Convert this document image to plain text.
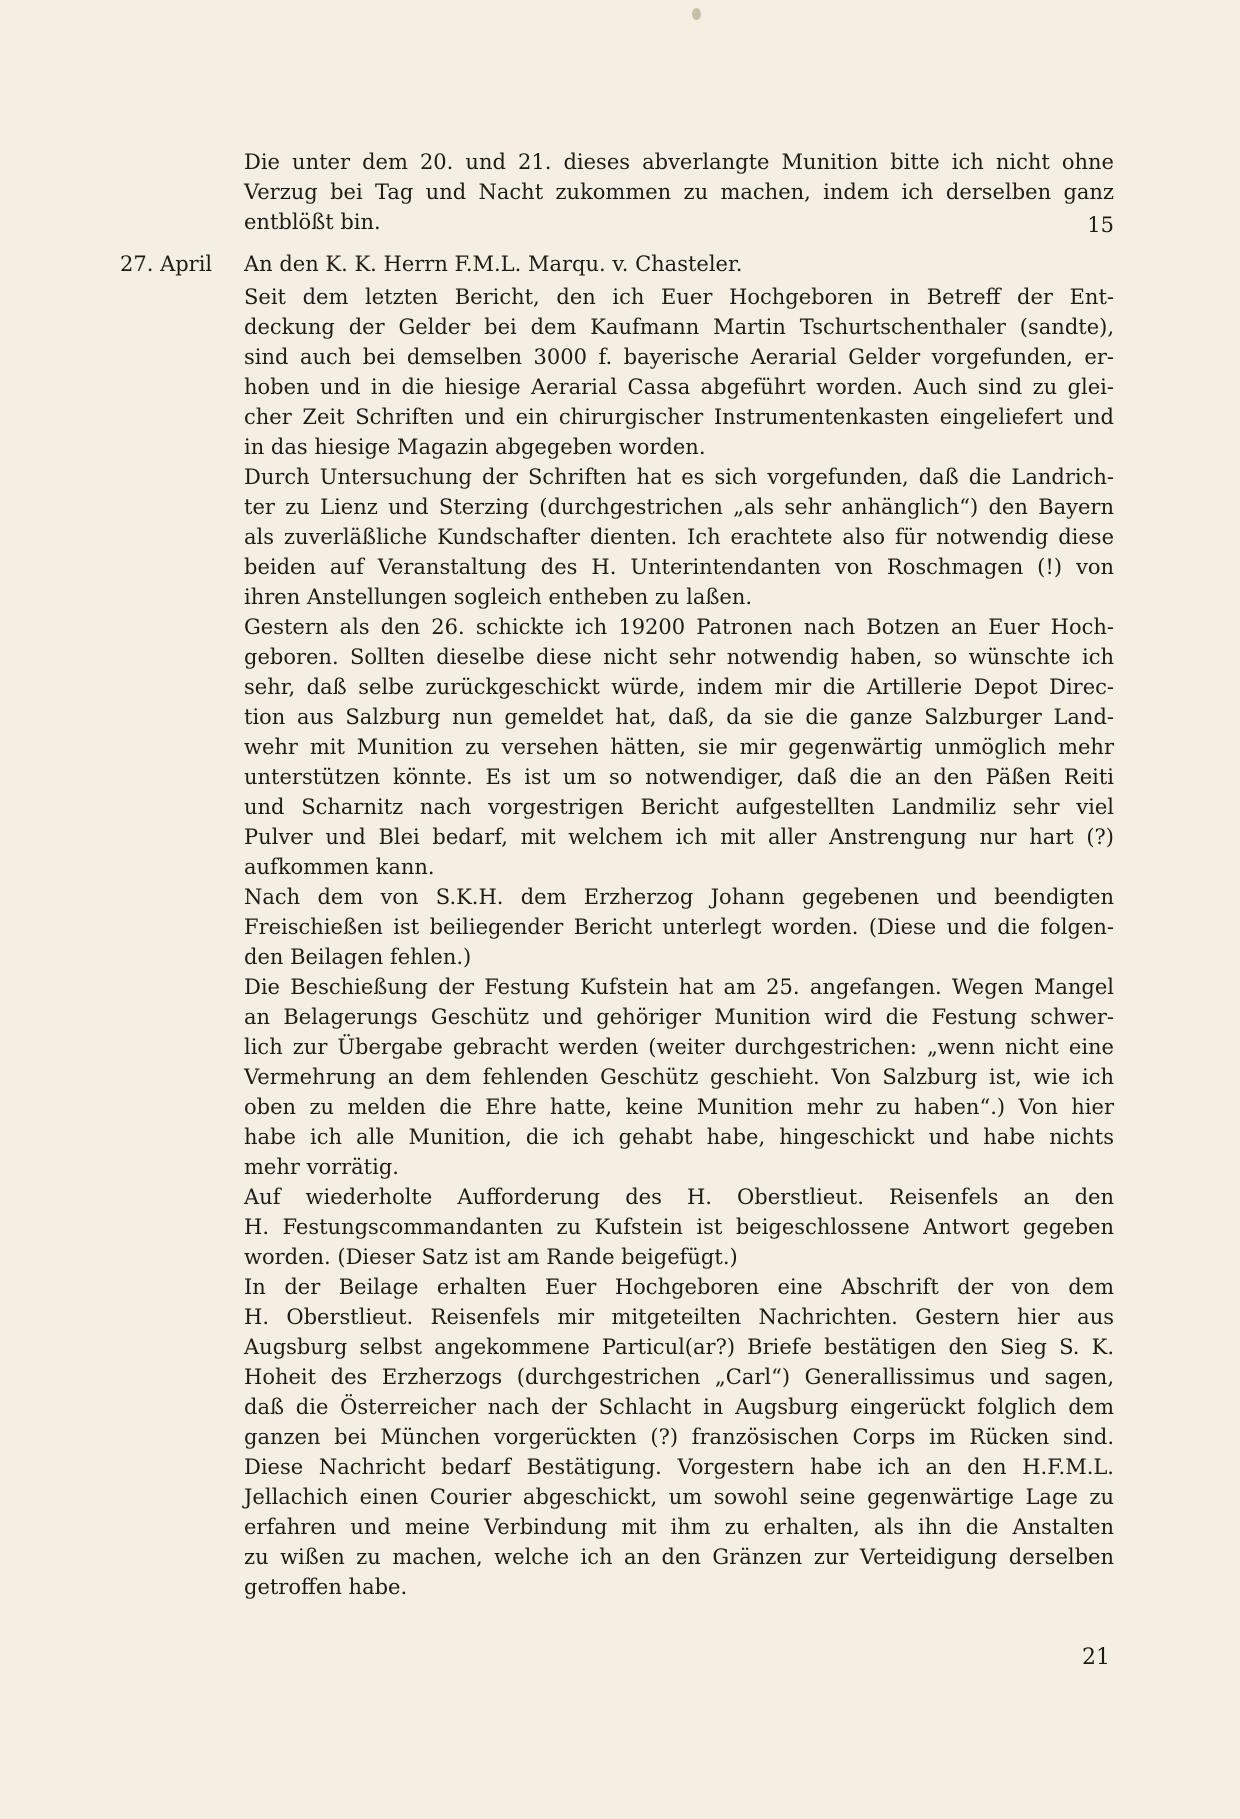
Die unter dem 20. und 21. dieses abverlangte Munition bitte ich nicht ohne
Verzug bei Tag und Nacht zukommen zu machen, indem ich derselben ganz
entblößt bin.	15
27. April An den K. K. Herrn F.M.L. Marqu. v. Chasteler.
Seit dem letzten Bericht, den ich Euer Hochgeboren in Betreff der Ent-
deckung der Gelder bei dem Kaufmann Martin Tschurtschenthaler (sandte),
sind auch bei demselben 3000 f. bayerische Aerarial Gelder vorgefunden, er-
hoben und in die hiesige Aerarial Cassa abgeführt worden. Auch sind zu glei-
cher Zeit Schriften und ein chirurgischer Instrumentenkasten eingeliefert und
in das hiesige Magazin abgegeben worden.
Durch Untersuchung der Schriften hat es sich vorgefunden, daß die Landrich-
ter zu Lienz und Sterzing (durchgestrichen „als sehr anhänglich“) den Bayern
als zuverläßliche Kundschafter dienten. Ich erachtete also für notwendig diese
beiden auf Veranstaltung des H. Unterintendanten von Roschmagen (!) von
ihren Anstellungen sogleich entheben zu laßen.
Gestern als den 26. schickte ich 19200 Patronen nach Botzen an Euer Hoch-
geboren. Sollten dieselbe diese nicht sehr notwendig haben, so wünschte ich
sehr, daß selbe zurückgeschickt würde, indem mir die Artillerie Depot Direc-
tion aus Salzburg nun gemeldet hat, daß, da sie die ganze Salzburger Land-
wehr mit Munition zu versehen hätten, sie mir gegenwärtig unmöglich mehr
unterstützen könnte. Es ist um so notwendiger, daß die an den Päßen Reiti
und Scharnitz nach vorgestrigen Bericht aufgestellten Landmiliz sehr viel
Pulver und Blei bedarf, mit welchem ich mit aller Anstrengung nur hart (?)
aufkommen kann.
Nach dem von S.K.H. dem Erzherzog Johann gegebenen und beendigten
Freischießen ist beiliegender Bericht unterlegt worden. (Diese und die folgen-
den Beilagen fehlen.)
Die Beschießung der Festung Kufstein hat am 25. angefangen. Wegen Mangel
an Belagerungs Geschütz und gehöriger Munition wird die Festung schwer-
lich zur Übergabe gebracht werden (weiter durchgestrichen: „wenn nicht eine
Vermehrung an dem fehlenden Geschütz geschieht. Von Salzburg ist, wie ich
oben zu melden die Ehre hatte, keine Munition mehr zu haben“.) Von hier
habe ich alle Munition, die ich gehabt habe, hingeschickt und habe nichts
mehr vorrätig.
Auf wiederholte Aufforderung des H. Oberstlieut. Reisenfels an den
H. Festungscommandanten zu Kufstein ist beigeschlossene Antwort gegeben
worden. (Dieser Satz ist am Rande beigefügt.)
In der Beilage erhalten Euer Hochgeboren eine Abschrift der von dem
H. Oberstlieut. Reisenfels mir mitgeteilten Nachrichten. Gestern hier aus
Augsburg selbst angekommene Particul(ar?) Briefe bestätigen den Sieg S. K.
Hoheit des Erzherzogs (durchgestrichen „Carl“) Generallissimus und sagen,
daß die Österreicher nach der Schlacht in Augsburg eingerückt folglich dem
ganzen bei München vorgerückten (?) französischen Corps im Rücken sind.
Diese Nachricht bedarf Bestätigung. Vorgestern habe ich an den H.F.M.L.
Jellachich einen Courier abgeschickt, um sowohl seine gegenwärtige Lage zu
erfahren und meine Verbindung mit ihm zu erhalten, als ihn die Anstalten
zu wißen zu machen, welche ich an den Gränzen zur Verteidigung derselben
getroffen habe.
21
